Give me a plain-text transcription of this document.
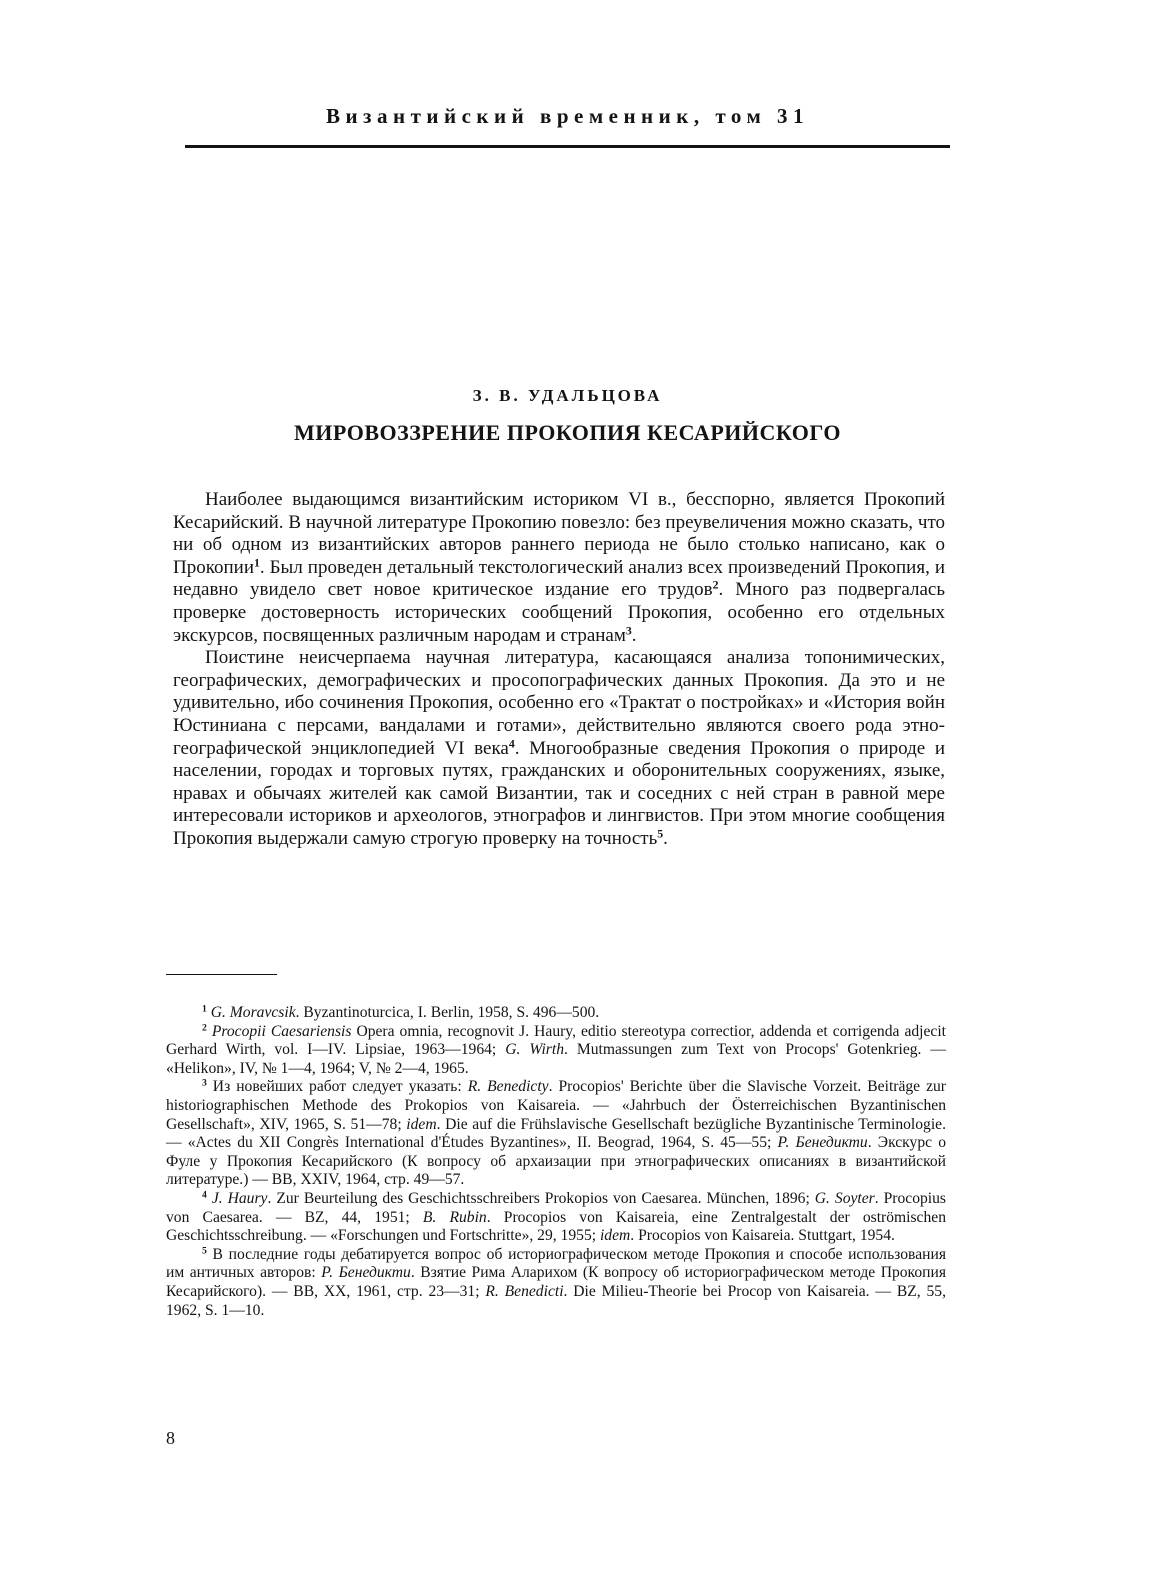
Византийский временник, том 31
З. В. УДАЛЬЦОВА
МИРОВОЗЗРЕНИЕ ПРОКОПИЯ КЕСАРИЙСКОГО

Наиболее выдающимся византийским историком VI в., бесспорно, является Прокопий Кесарийский. В научной литературе Прокопию повезло: без преувеличения можно сказать, что ни об одном из византийских авторов раннего периода не было столько написано, как о Прокопии$^1$. Был проведен детальный текстологический анализ всех произведений Прокопия, и недавно увидело свет новое критическое издание его трудов$^2$. Много раз подвергалась проверке достоверность исторических сообщений Прокопия, особенно его отдельных экскурсов, посвященных различным народам и странам$^3$.

Поистине неисчерпаема научная литература, касающаяся анализа топонимических, географических, демографических и просопографических данных Прокопия. Да это и не удивительно, ибо сочинения Прокопия, особенно его «Трактат о постройках» и «История войн Юстиниана с персами, вандалами и готами», действительно являются своего рода этно-географической энциклопедией VI века$^4$. Многообразные сведения Прокопия о природе и населении, городах и торговых путях, гражданских и оборонительных сооружениях, языке, нравах и обычаях жителей как самой Византии, так и соседних с ней стран в равной мере интересовали историков и археологов, этнографов и лингвистов. При этом многие сообщения Прокопия выдержали самую строгую проверку на точность$^5$.

$^1$ G. Moravcsik. Byzantinoturcica, I. Berlin, 1958, S. 496—500.

$^2$ Procopii Caesariensis Opera omnia, recognovit J. Haury, editio stereotypa correctior, addenda et corrigenda adjecit Gerhard Wirth, vol. I—IV. Lipsiae, 1963—1964; G. Wirth. Mutmassungen zum Text von Procops' Gotenkrieg. — «Helikon», IV, № 1—4, 1964; V, № 2—4, 1965.

$^3$ Из новейших работ следует указать: R. Benedicty. Procopios' Berichte über die Slavische Vorzeit. Beiträge zur historiographischen Methode des Prokopios von Kaisareia. — «Jahrbuch der Österreichischen Byzantinischen Gesellschaft», XIV, 1965, S. 51—78; idem. Die auf die Frühslavische Gesellschaft bezügliche Byzantinische Terminologie. — «Actes du XII Congrès International d'Études Byzantines», II. Beograd, 1964, S. 45—55; Р. Бенедикти. Экскурс о Фуле у Прокопия Кесарийского (К вопросу об архаизации при этнографических описаниях в византийской литературе.) — ВВ, XXIV, 1964, стр. 49—57.

$^4$ J. Haury. Zur Beurteilung des Geschichtsschreibers Prokopios von Caesarea. München, 1896; G. Soyter. Procopius von Caesarea. — BZ, 44, 1951; B. Rubin. Procopios von Kaisareia, eine Zentralgestalt der oströmischen Geschichtsschreibung. — «Forschungen und Fortschritte», 29, 1955; idem. Procopios von Kaisareia. Stuttgart, 1954.

$^5$ В последние годы дебатируется вопрос об историографическом методе Прокопия и способе использования им античных авторов: Р. Бенедикти. Взятие Рима Аларихом (К вопросу об историографическом методе Прокопия Кесарийского). — ВВ, XX, 1961, стр. 23—31; R. Benedicti. Die Milieu-Theorie bei Procop von Kaisareia. — BZ, 55, 1962, S. 1—10.

8
